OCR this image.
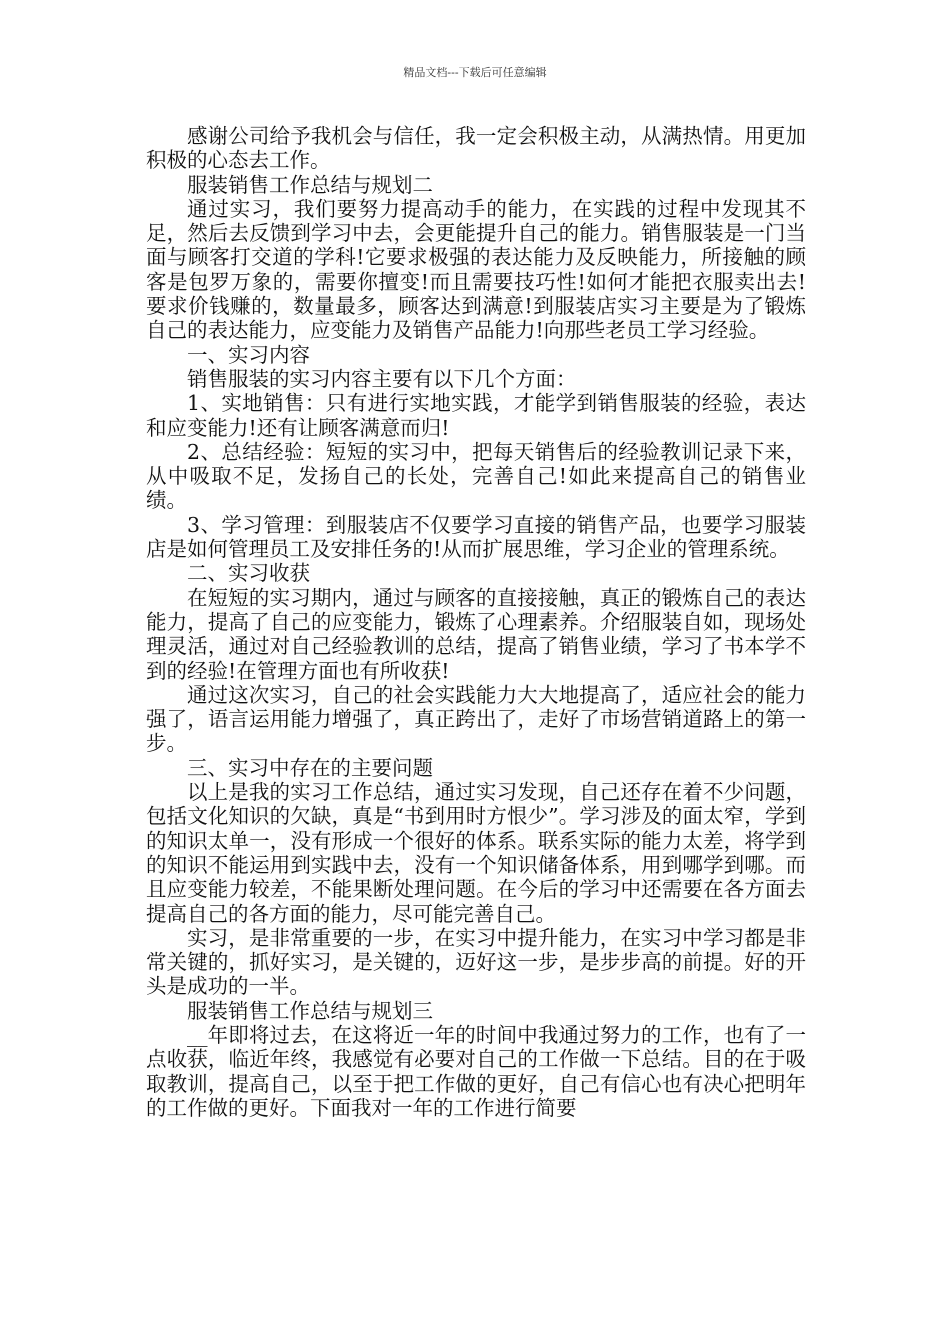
精品文档---下载后可任意编辑

感谢公司给予我机会与信任，我一定会积极主动，从满热情。用更加积极的心态去工作。

服装销售工作总结与规划二

通过实习，我们要努力提高动手的能力，在实践的过程中发现其不足，然后去反馈到学习中去，会更能提升自己的能力。销售服装是一门当面与顾客打交道的学科!它要求极强的表达能力及反映能力，所接触的顾客是包罗万象的，需要你擅变!而且需要技巧性!如何才能把衣服卖出去!要求价钱赚的，数量最多，顾客达到满意!到服装店实习主要是为了锻炼自己的表达能力，应变能力及销售产品能力!向那些老员工学习经验。

一、实习内容

销售服装的实习内容主要有以下几个方面：

1、实地销售：只有进行实地实践，才能学到销售服装的经验，表达和应变能力!还有让顾客满意而归!

2、总结经验：短短的实习中，把每天销售后的经验教训记录下来，从中吸取不足，发扬自己的长处，完善自己!如此来提高自己的销售业绩。

3、学习管理：到服装店不仅要学习直接的销售产品，也要学习服装店是如何管理员工及安排任务的!从而扩展思维，学习企业的管理系统。

二、实习收获

在短短的实习期内，通过与顾客的直接接触，真正的锻炼自己的表达能力，提高了自己的应变能力，锻炼了心理素养。介绍服装自如，现场处理灵活，通过对自己经验教训的总结，提高了销售业绩，学习了书本学不到的经验!在管理方面也有所收获!

通过这次实习，自己的社会实践能力大大地提高了，适应社会的能力强了，语言运用能力增强了，真正跨出了，走好了市场营销道路上的第一步。

三、实习中存在的主要问题

以上是我的实习工作总结，通过实习发现，自己还存在着不少问题，包括文化知识的欠缺，真是“书到用时方恨少”。学习涉及的面太窄，学到的知识太单一，没有形成一个很好的体系。联系实际的能力太差，将学到的知识不能运用到实践中去，没有一个知识储备体系，用到哪学到哪。而且应变能力较差，不能果断处理问题。在今后的学习中还需要在各方面去提高自己的各方面的能力，尽可能完善自己。

实习，是非常重要的一步，在实习中提升能力，在实习中学习都是非常关键的，抓好实习，是关键的，迈好这一步，是步步高的前提。好的开头是成功的一半。

服装销售工作总结与规划三

__年即将过去，在这将近一年的时间中我通过努力的工作，也有了一点收获，临近年终，我感觉有必要对自己的工作做一下总结。目的在于吸取教训，提高自己，以至于把工作做的更好，自己有信心也有决心把明年的工作做的更好。下面我对一年的工作进行简要
